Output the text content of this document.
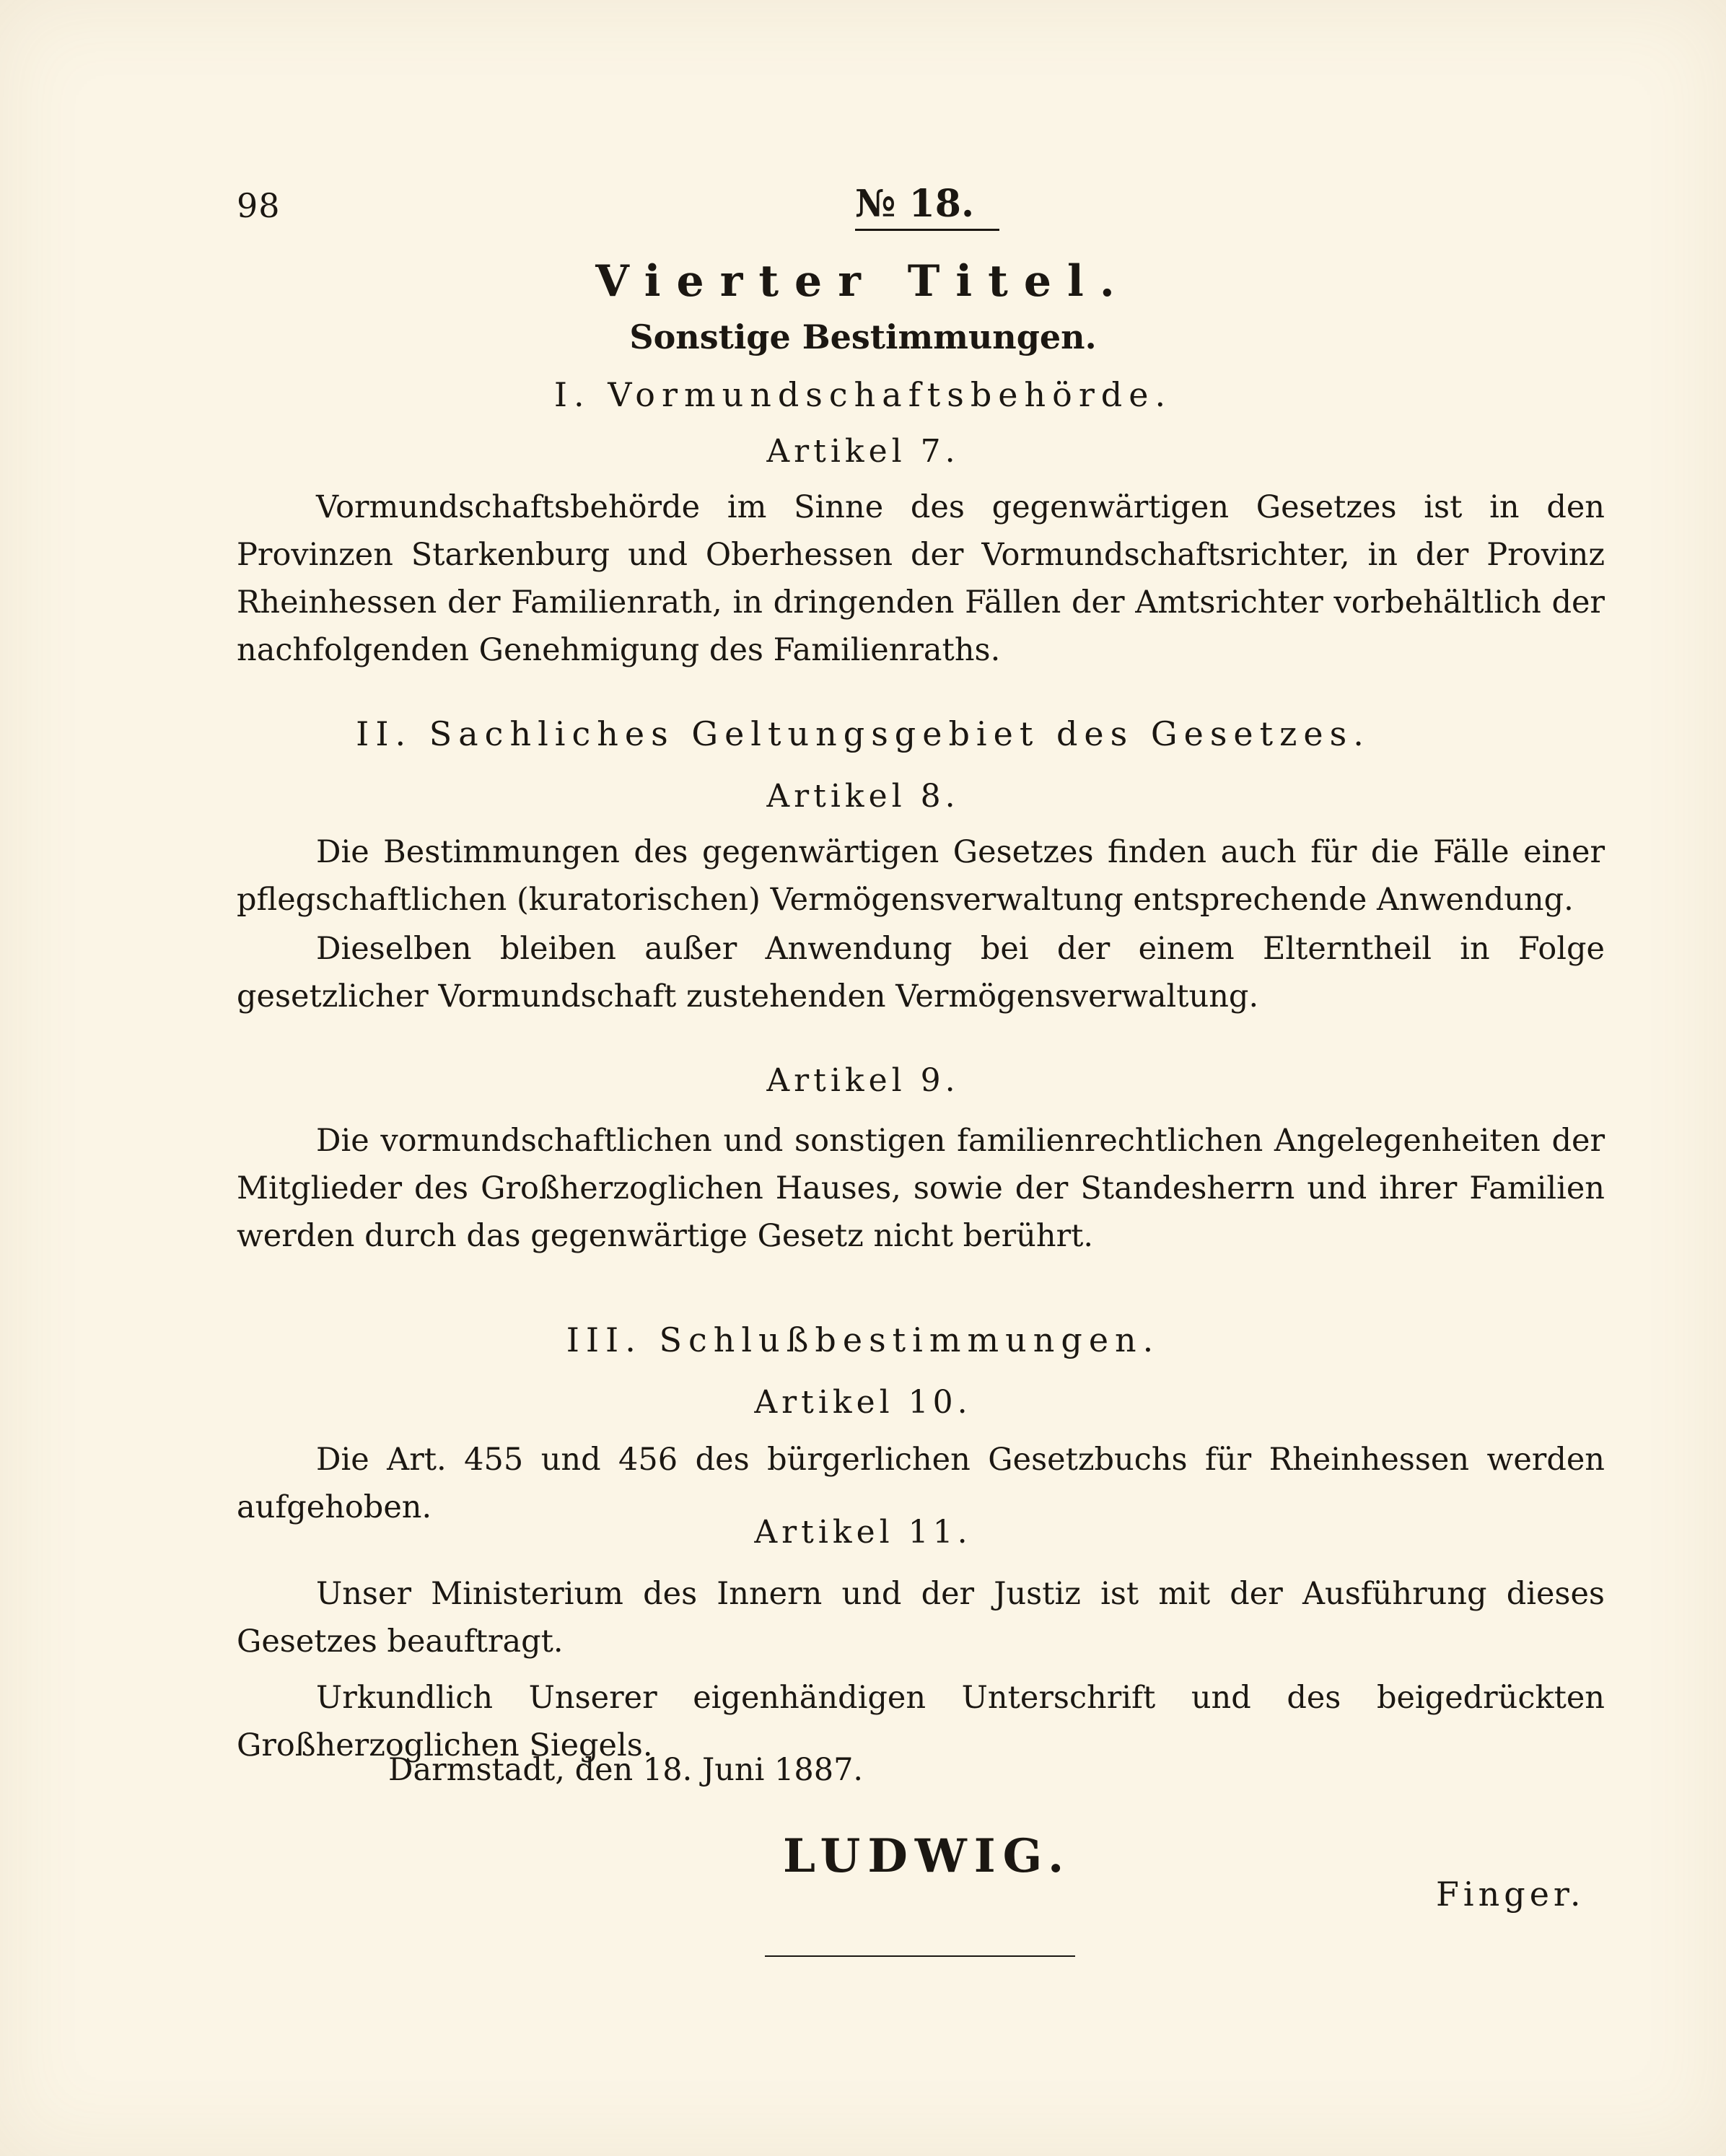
98	№ 18.
Vierter Titel.
Sonstige Bestimmungen.
I. Vormundschaftsbehörde.
Artikel 7.

Vormundschaftsbehörde im Sinne des gegenwärtigen Gesetzes ist in den Provinzen Starkenburg und Oberhessen der Vormundschaftsrichter, in der Provinz Rheinhessen der Familienrath, in dringenden Fällen der Amtsrichter vorbehältlich der nachfolgenden Genehmigung des Familienraths.

II. Sachliches Geltungsgebiet des Gesetzes.
Artikel 8.

Die Bestimmungen des gegenwärtigen Gesetzes finden auch für die Fälle einer pflegschaftlichen (kuratorischen) Vermögensverwaltung entsprechende Anwendung.

Dieselben bleiben außer Anwendung bei der einem Elterntheil in Folge gesetzlicher Vormundschaft zustehenden Vermögensverwaltung.

Artikel 9.

Die vormundschaftlichen und sonstigen familienrechtlichen Angelegenheiten der Mitglieder des Großherzoglichen Hauses, sowie der Standesherrn und ihrer Familien werden durch das gegenwärtige Gesetz nicht berührt.

III. Schlußbestimmungen.
Artikel 10.

Die Art. 455 und 456 des bürgerlichen Gesetzbuchs für Rheinhessen werden aufgehoben.

Artikel 11.

Unser Ministerium des Innern und der Justiz ist mit der Ausführung dieses Gesetzes beauftragt.

Urkundlich Unserer eigenhändigen Unterschrift und des beigedrückten Großherzoglichen Siegels.

Darmstadt, den 18. Juni 1887.

LUDWIG.
Finger.
